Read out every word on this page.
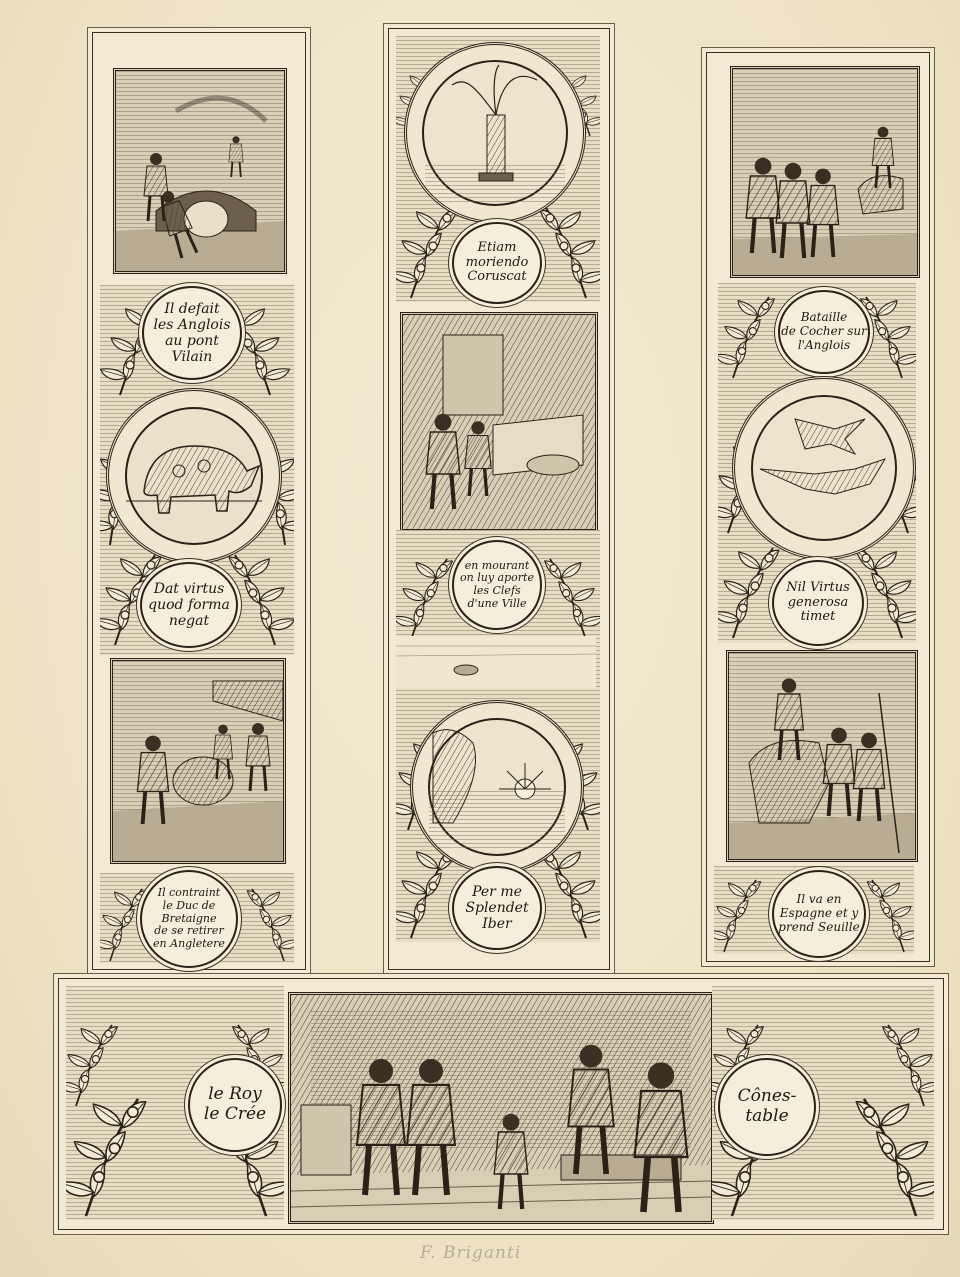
Il defait
les Anglois
au pont
Vilain
Dat virtus
quod forma
negat
Il contraint
le Duc de
Bretaigne
de se retirer
en Angletere
Etiam
moriendo
Coruscat
en mourant
on luy aporte
les Clefs
d'une Ville
Per me
Splendet
Iber
Bataille
de Cocher sur
l'Anglois
Nil Virtus
generosa
timet
Il va en
Espagne et y
prend Seuille
le Roy
le Crée
Cônes-
table
F. Briganti
